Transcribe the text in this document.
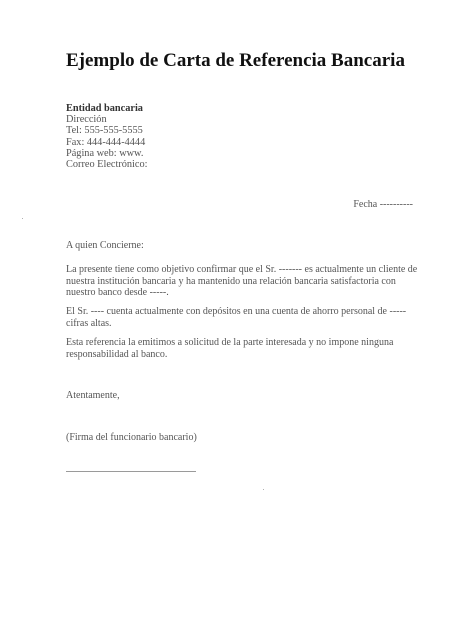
Ejemplo de Carta de Referencia Bancaria
Entidad bancaria
Dirección
Tel: 555-555-5555
Fax: 444-444-4444
Página web: www.
Correo Electrónico:
Fecha ----------
A quien Concierne:
La presente tiene como objetivo confirmar que el Sr. ------- es actualmente un cliente de nuestra institución bancaria y ha mantenido una relación bancaria satisfactoria con nuestro banco desde -----.
El Sr. ---- cuenta actualmente con depósitos en una cuenta de ahorro personal de ----- cifras altas.
Esta referencia la emitimos a solicitud de la parte interesada y no impone ninguna responsabilidad al banco.
Atentamente,
(Firma del funcionario bancario)
